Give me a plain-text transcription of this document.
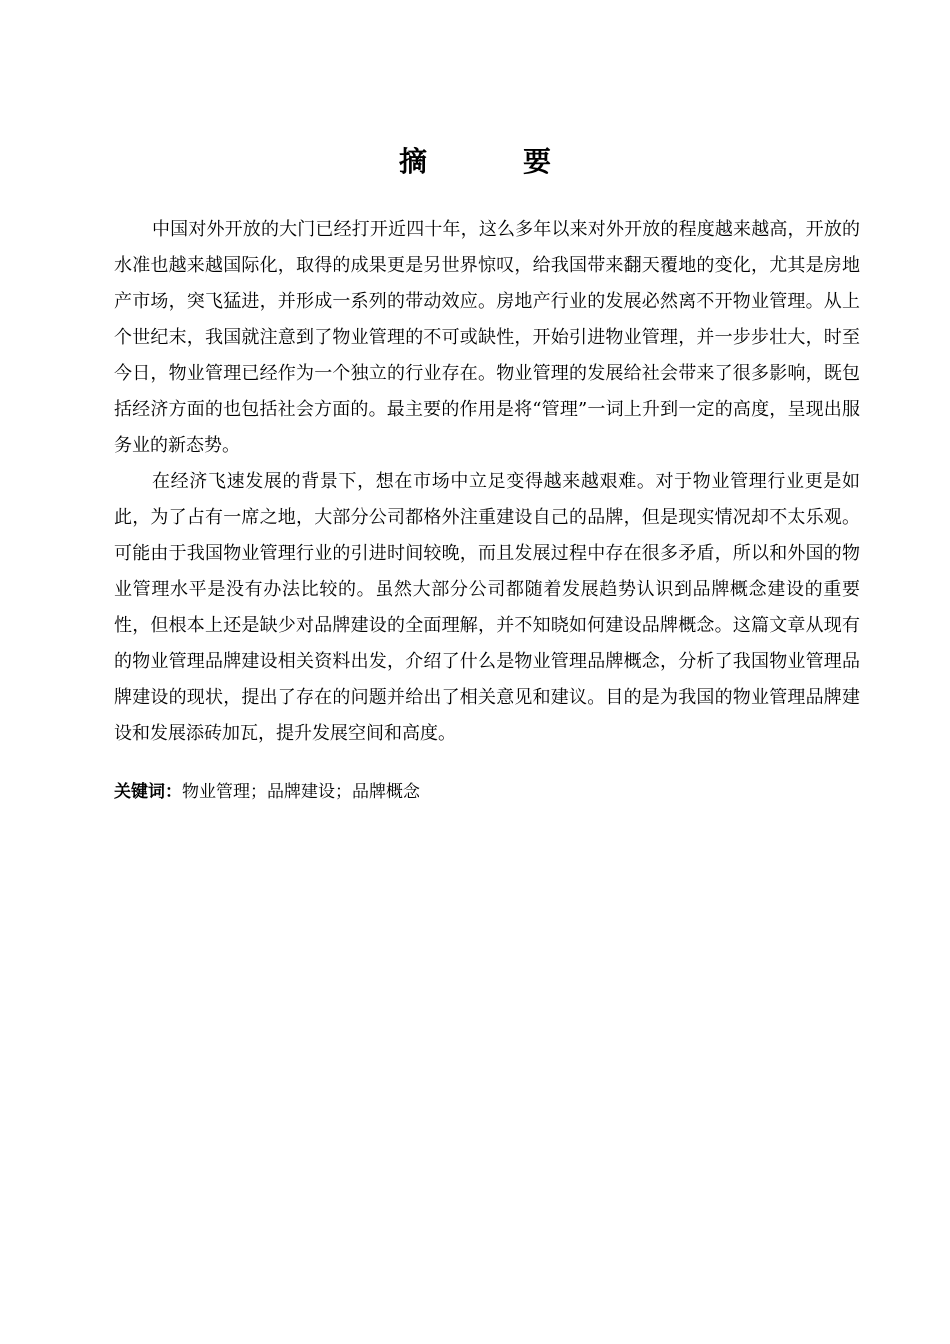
摘　要

中国对外开放的大门已经打开近四十年，这么多年以来对外开放的程度越来越高，开放的水准也越来越国际化，取得的成果更是另世界惊叹，给我国带来翻天覆地的变化，尤其是房地产市场，突飞猛进，并形成一系列的带动效应。房地产行业的发展必然离不开物业管理。从上个世纪末，我国就注意到了物业管理的不可或缺性，开始引进物业管理，并一步步壮大，时至今日，物业管理已经作为一个独立的行业存在。物业管理的发展给社会带来了很多影响，既包括经济方面的也包括社会方面的。最主要的作用是将“管理”一词上升到一定的高度，呈现出服务业的新态势。

在经济飞速发展的背景下，想在市场中立足变得越来越艰难。对于物业管理行业更是如此，为了占有一席之地，大部分公司都格外注重建设自己的品牌，但是现实情况却不太乐观。可能由于我国物业管理行业的引进时间较晚，而且发展过程中存在很多矛盾，所以和外国的物业管理水平是没有办法比较的。虽然大部分公司都随着发展趋势认识到品牌概念建设的重要性，但根本上还是缺少对品牌建设的全面理解，并不知晓如何建设品牌概念。这篇文章从现有的物业管理品牌建设相关资料出发，介绍了什么是物业管理品牌概念，分析了我国物业管理品牌建设的现状，提出了存在的问题并给出了相关意见和建议。目的是为我国的物业管理品牌建设和发展添砖加瓦，提升发展空间和高度。

关键词：物业管理；品牌建设；品牌概念
